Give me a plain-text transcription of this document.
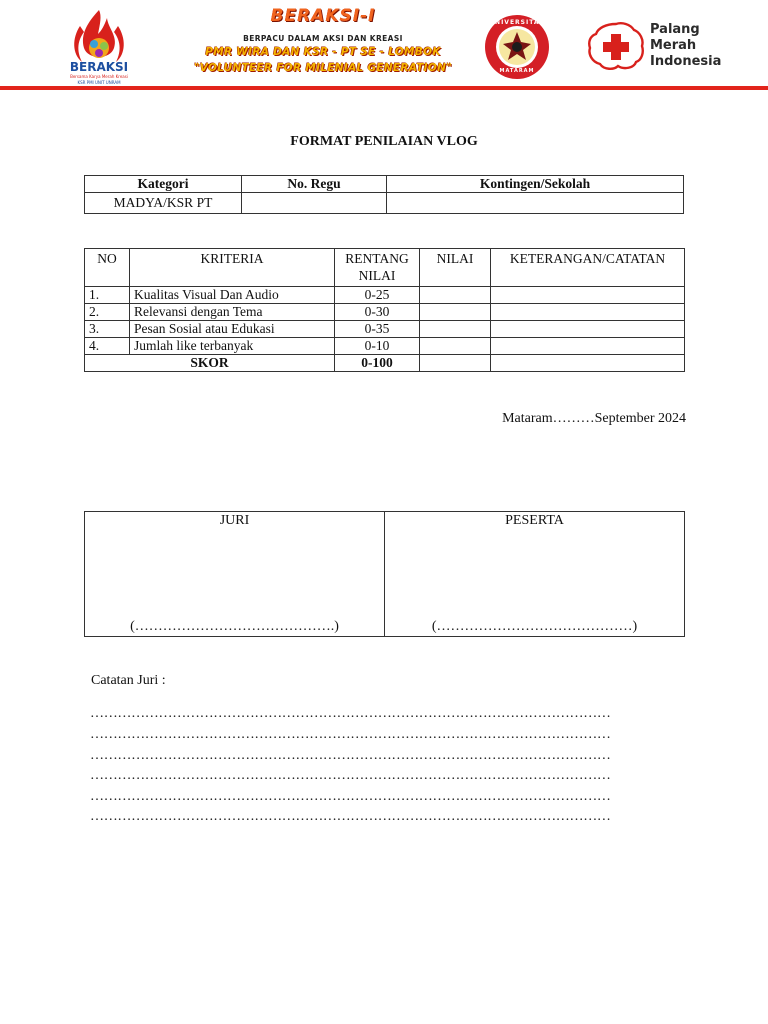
BERAKSI
Bersama Karya Merah Kreasi
KSR PMI UNIT UNRAM
BERAKSI-I
BERPACU DALAM AKSI DAN KREASI
PMR WIRA DAN KSR - PT SE - LOMBOK
"VOLUNTEER FOR MILENIAL GENERATION"
UNIVERSITAS
MATARAM
Palang
Merah
Indonesia
FORMAT PENILAIAN VLOG
Kategori	No. Regu	Kontingen/Sekolah
MADYA/KSR PT		
NO	KRITERIA	RENTANG NILAI	NILAI	KETERANGAN/CATATAN
1.	Kualitas Visual Dan Audio	0-25		
2.	Relevansi dengan Tema	0-30		
3.	Pesan Sosial atau Edukasi	0-35		
4.	Jumlah like terbanyak	0-10		
SKOR		0-100		
Mataram………September 2024
JURI
(…………………………………….)

PESERTA
(……………………………………)
Catatan Juri :
……………………………………………………………………………………………………
……………………………………………………………………………………………………
……………………………………………………………………………………………………
……………………………………………………………………………………………………
……………………………………………………………………………………………………
……………………………………………………………………………………………………
